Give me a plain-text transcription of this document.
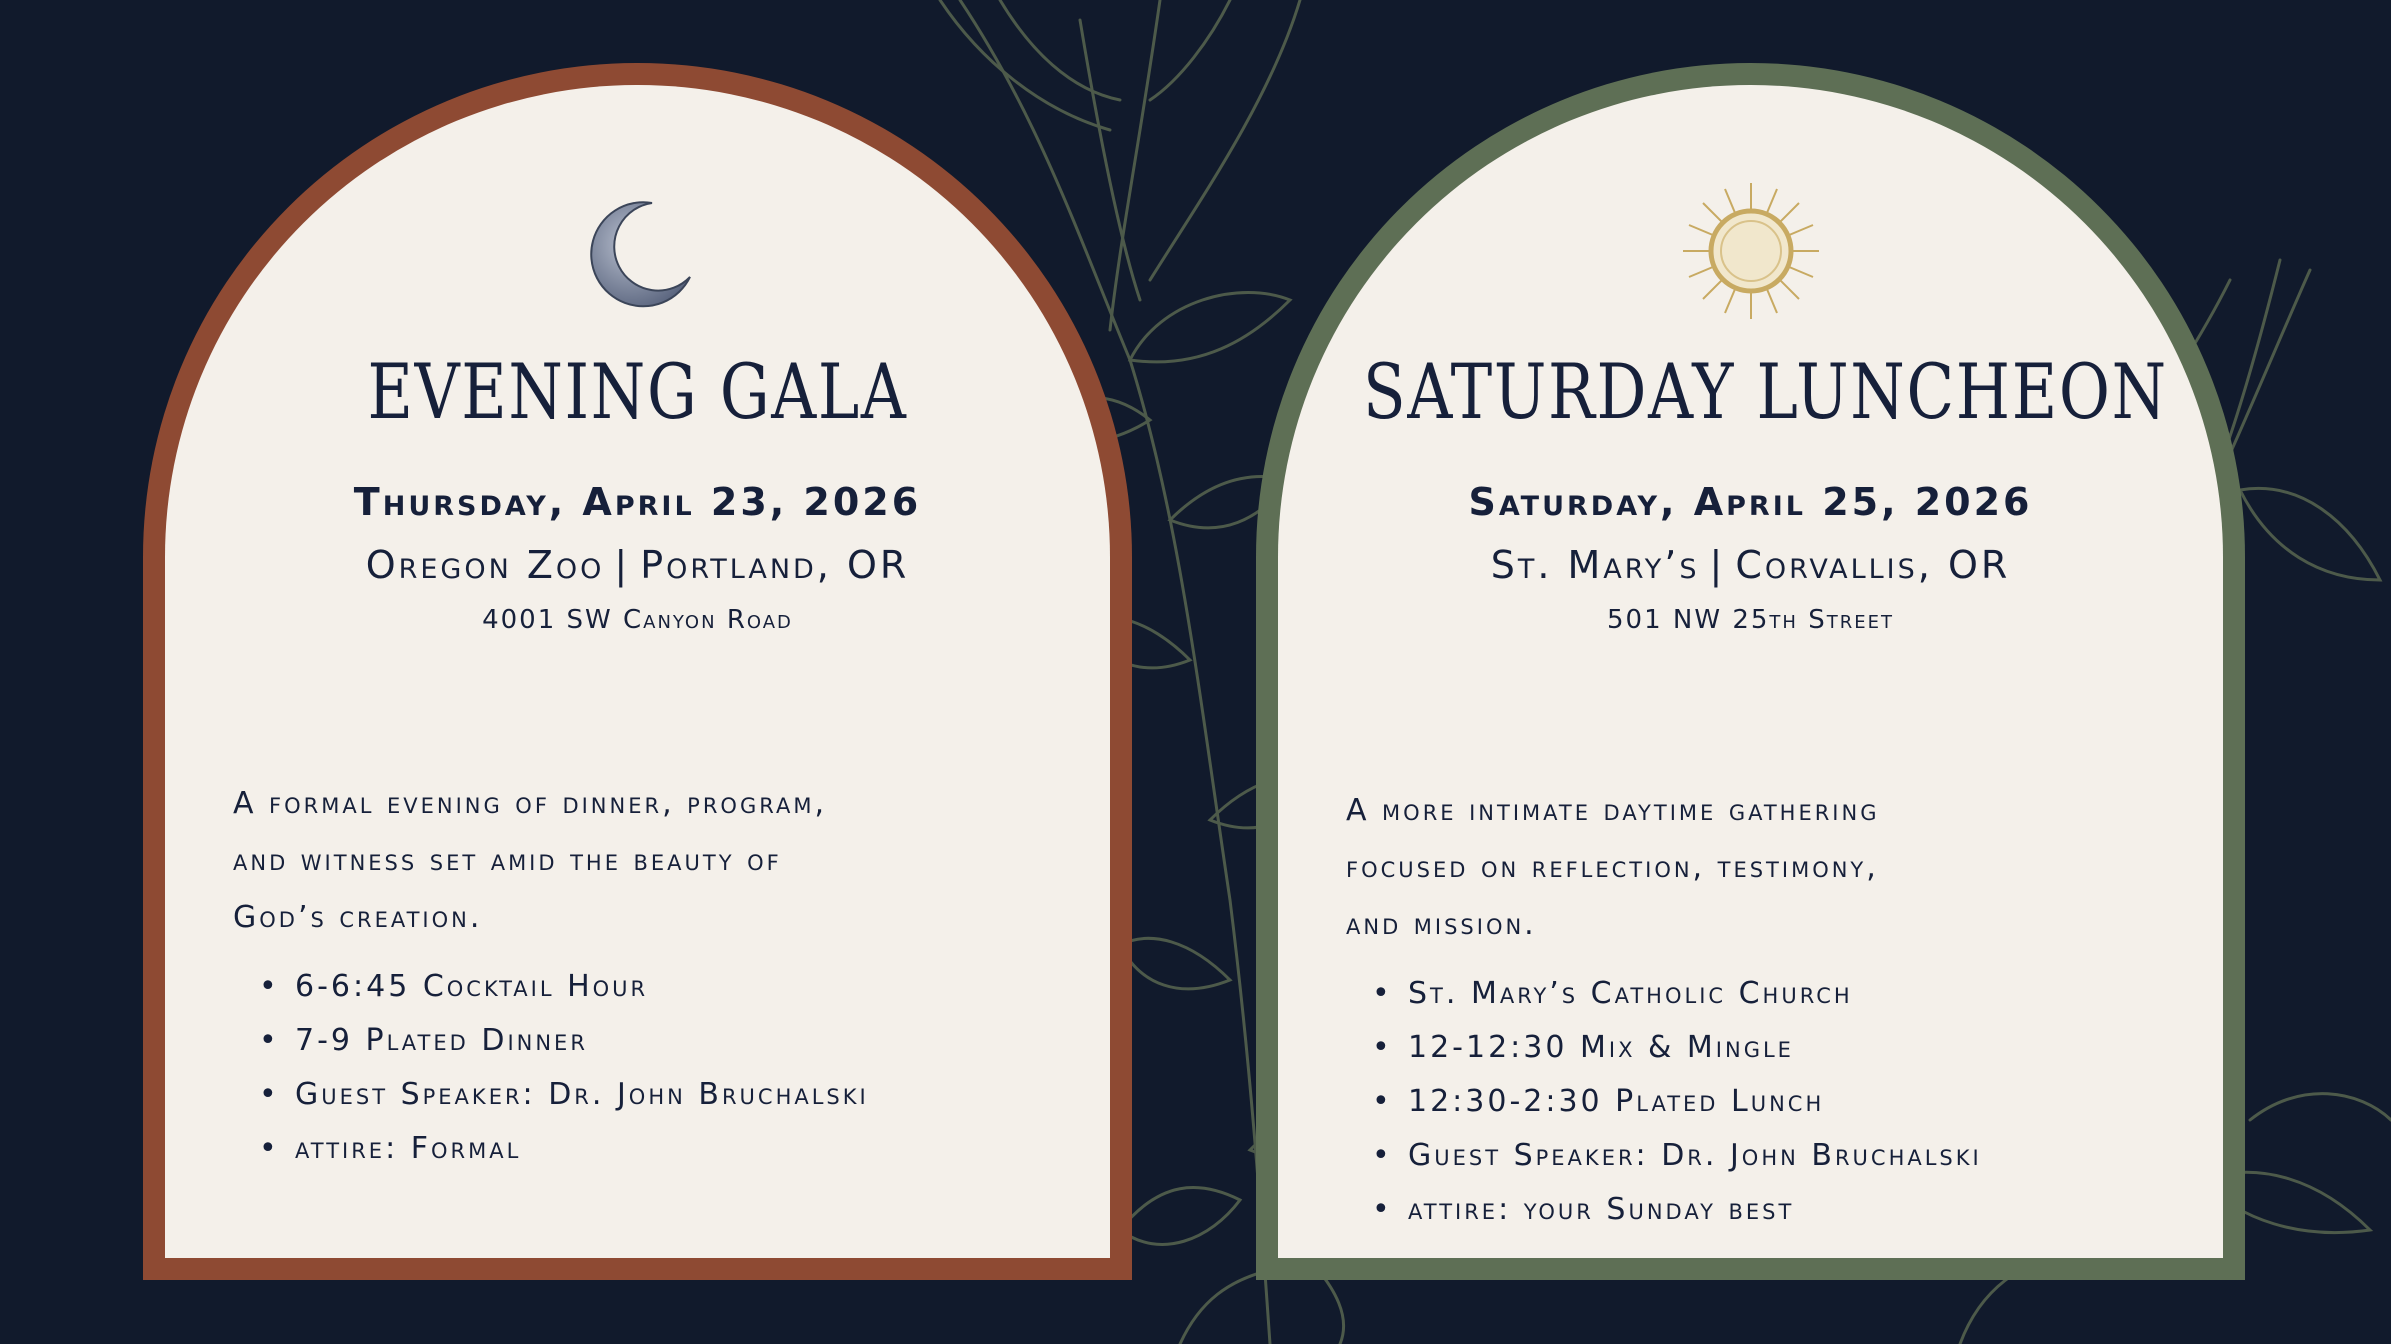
EVENING GALA
Thursday, April 23, 2026
Oregon Zoo | Portland, OR
4001 SW Canyon Road
A formal evening of dinner, program,
and witness set amid the beauty of
God’s creation.
• 6-6:45 Cocktail Hour
• 7-9 Plated Dinner
• Guest Speaker: Dr. John Bruchalski
• attire: Formal
SATURDAY LUNCHEON
Saturday, April 25, 2026
St. Mary’s | Corvallis, OR
501 NW 25th Street
A more intimate daytime gathering
focused on reflection, testimony,
and mission.
• St. Mary’s Catholic Church
• 12-12:30 Mix & Mingle
• 12:30-2:30 Plated Lunch
• Guest Speaker: Dr. John Bruchalski
• attire: your Sunday best
